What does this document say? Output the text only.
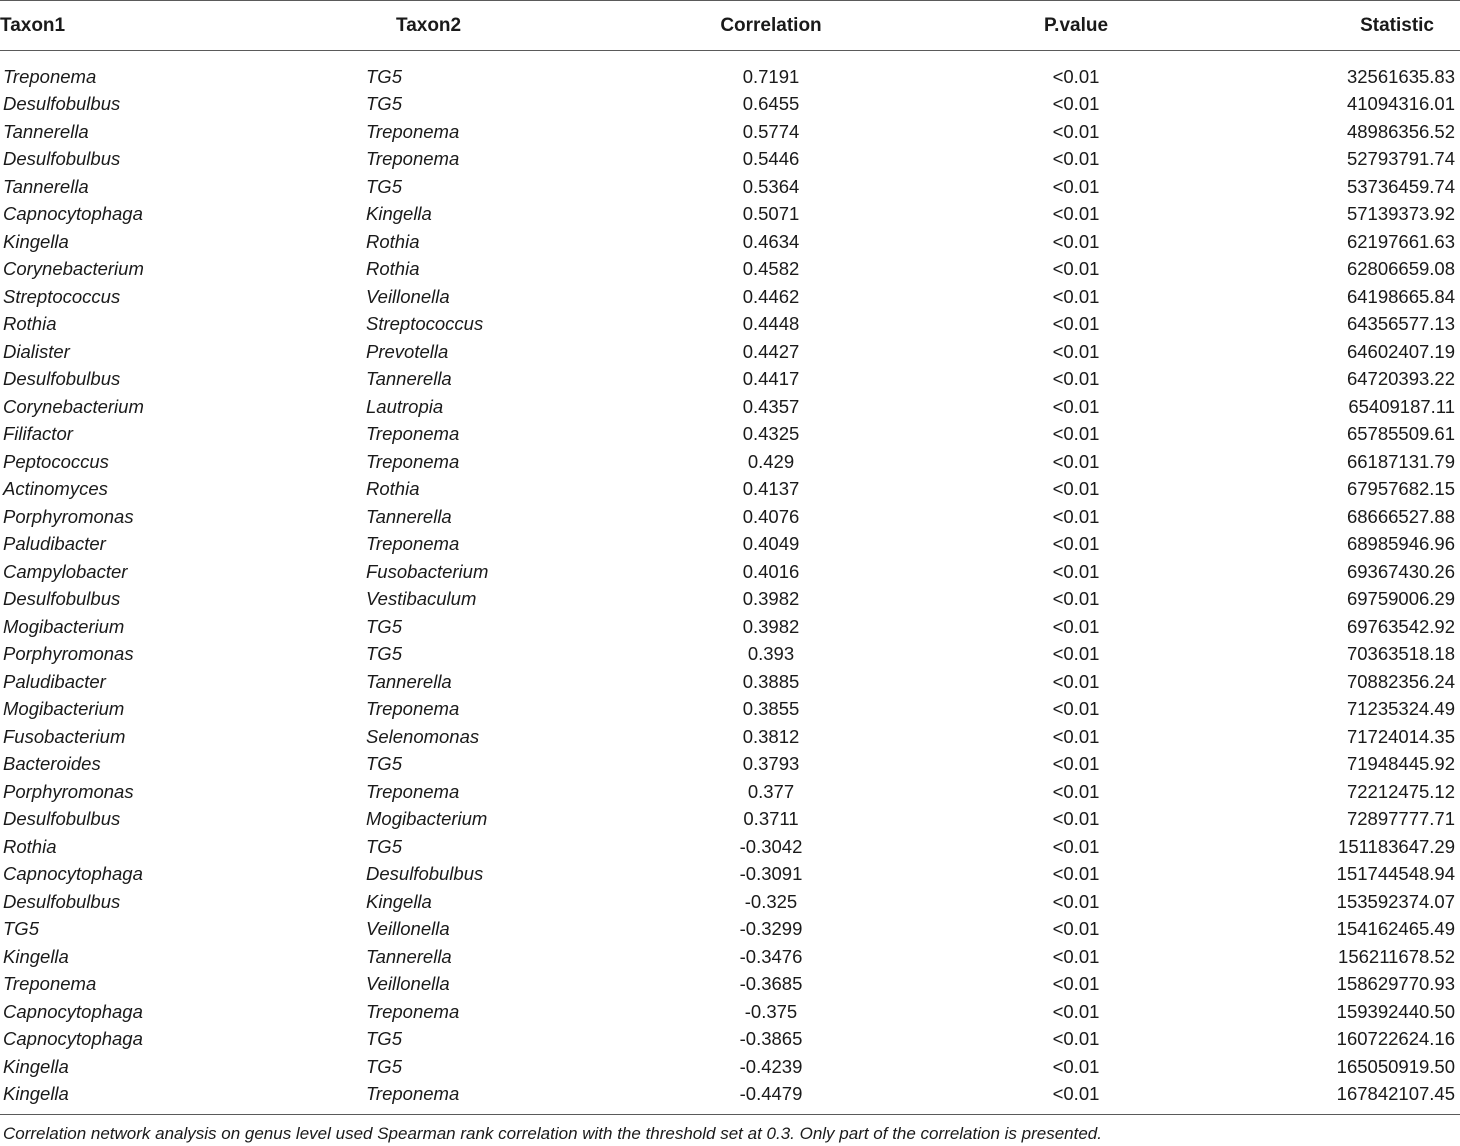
Taxon1	Taxon2	Correlation	P.value	Statistic
Treponema	TG5	0.7191	<0.01	32561635.83
Desulfobulbus	TG5	0.6455	<0.01	41094316.01
Tannerella	Treponema	0.5774	<0.01	48986356.52
Desulfobulbus	Treponema	0.5446	<0.01	52793791.74
Tannerella	TG5	0.5364	<0.01	53736459.74
Capnocytophaga	Kingella	0.5071	<0.01	57139373.92
Kingella	Rothia	0.4634	<0.01	62197661.63
Corynebacterium	Rothia	0.4582	<0.01	62806659.08
Streptococcus	Veillonella	0.4462	<0.01	64198665.84
Rothia	Streptococcus	0.4448	<0.01	64356577.13
Dialister	Prevotella	0.4427	<0.01	64602407.19
Desulfobulbus	Tannerella	0.4417	<0.01	64720393.22
Corynebacterium	Lautropia	0.4357	<0.01	65409187.11
Filifactor	Treponema	0.4325	<0.01	65785509.61
Peptococcus	Treponema	0.429	<0.01	66187131.79
Actinomyces	Rothia	0.4137	<0.01	67957682.15
Porphyromonas	Tannerella	0.4076	<0.01	68666527.88
Paludibacter	Treponema	0.4049	<0.01	68985946.96
Campylobacter	Fusobacterium	0.4016	<0.01	69367430.26
Desulfobulbus	Vestibaculum	0.3982	<0.01	69759006.29
Mogibacterium	TG5	0.3982	<0.01	69763542.92
Porphyromonas	TG5	0.393	<0.01	70363518.18
Paludibacter	Tannerella	0.3885	<0.01	70882356.24
Mogibacterium	Treponema	0.3855	<0.01	71235324.49
Fusobacterium	Selenomonas	0.3812	<0.01	71724014.35
Bacteroides	TG5	0.3793	<0.01	71948445.92
Porphyromonas	Treponema	0.377	<0.01	72212475.12
Desulfobulbus	Mogibacterium	0.3711	<0.01	72897777.71
Rothia	TG5	-0.3042	<0.01	151183647.29
Capnocytophaga	Desulfobulbus	-0.3091	<0.01	151744548.94
Desulfobulbus	Kingella	-0.325	<0.01	153592374.07
TG5	Veillonella	-0.3299	<0.01	154162465.49
Kingella	Tannerella	-0.3476	<0.01	156211678.52
Treponema	Veillonella	-0.3685	<0.01	158629770.93
Capnocytophaga	Treponema	-0.375	<0.01	159392440.50
Capnocytophaga	TG5	-0.3865	<0.01	160722624.16
Kingella	TG5	-0.4239	<0.01	165050919.50
Kingella	Treponema	-0.4479	<0.01	167842107.45
Correlation network analysis on genus level used Spearman rank correlation with the threshold set at 0.3. Only part of the correlation is presented.
